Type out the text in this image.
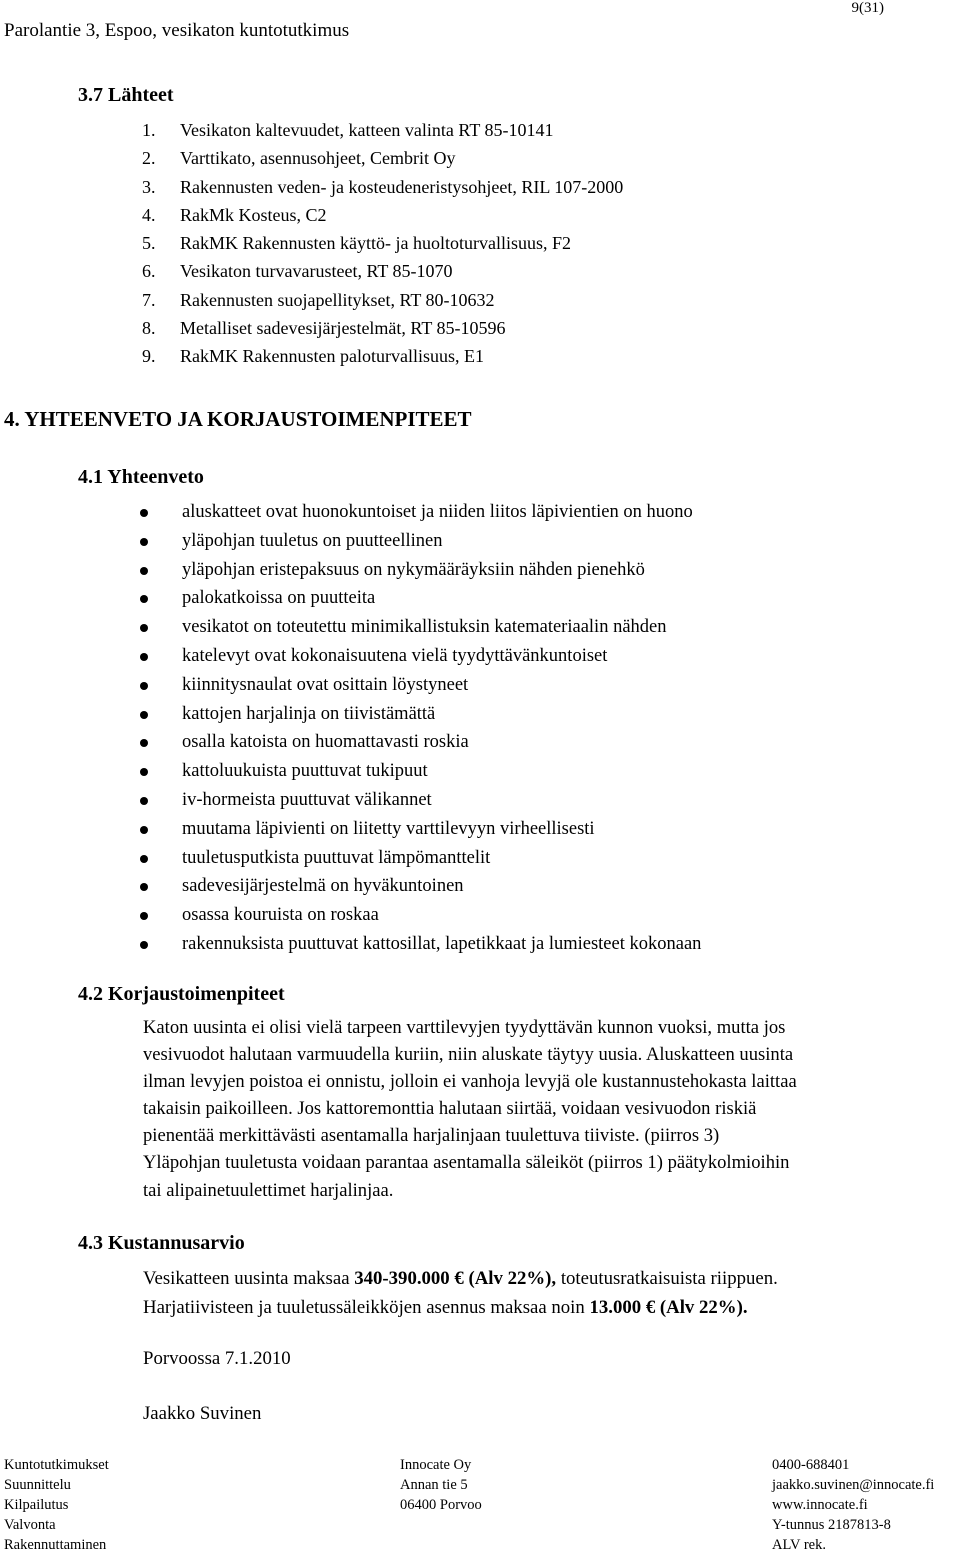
Parolantie 3, Espoo, vesikaton kuntotutkimus
9(31)
3.7 Lähteet
1. Vesikaton kaltevuudet, katteen valinta RT 85-10141
2. Varttikato, asennusohjeet, Cembrit Oy
3. Rakennusten veden- ja kosteudeneristysohjeet, RIL 107-2000
4. RakMk Kosteus, C2
5. RakMK Rakennusten käyttö- ja huoltoturvallisuus, F2
6. Vesikaton turvavarusteet, RT 85-1070
7. Rakennusten suojapellitykset, RT 80-10632
8. Metalliset sadevesijärjestelmät, RT 85-10596
9. RakMK Rakennusten paloturvallisuus, E1
4. YHTEENVETO JA KORJAUSTOIMENPITEET
4.1 Yhteenveto
aluskatteet ovat huonokuntoiset ja niiden liitos läpivientien on huono
yläpohjan tuuletus on puutteellinen
yläpohjan eristepaksuus on nykymääräyksiin nähden pienehkö
palokatkoissa on puutteita
vesikatot on toteutettu minimikallistuksin katemateriaalin nähden
katelevyt ovat kokonaisuutena vielä tyydyttävänkuntoiset
kiinnitysnaulat ovat osittain löystyneet
kattojen harjalinja on tiivistämättä
osalla katoista on huomattavasti roskia
kattoluukuista puuttuvat tukipuut
iv-hormeista puuttuvat välikannet
muutama läpivienti on liitetty varttilevyyn virheellisesti
tuuletusputkista puuttuvat lämpömanttelit
sadevesijärjestelmä on hyväkuntoinen
osassa kouruista on roskaa
rakennuksista puuttuvat kattosillat, lapetikkaat ja lumiesteet kokonaan
4.2 Korjaustoimenpiteet

Katon uusinta ei olisi vielä tarpeen varttilevyjen tyydyttävän kunnon vuoksi, mutta jos

vesivuodot halutaan varmuudella kuriin, niin aluskate täytyy uusia. Aluskatteen uusinta

ilman levyjen poistoa ei onnistu, jolloin ei vanhoja levyjä ole kustannustehokasta laittaa

takaisin paikoilleen. Jos kattoremonttia halutaan siirtää, voidaan vesivuodon riskiä

pienentää merkittävästi asentamalla harjalinjaan tuulettuva tiiviste. (piirros 3)

Yläpohjan tuuletusta voidaan parantaa asentamalla säleiköt (piirros 1) päätykolmioihin

tai alipainetuulettimet harjalinjaa.

4.3 Kustannusarvio

Vesikatteen uusinta maksaa 340-390.000 € (Alv 22%), toteutusratkaisuista riippuen.

Harjatiivisteen ja tuuletussäleikköjen asennus maksaa noin 13.000 € (Alv 22%).

Porvoossa 7.1.2010
Jaakko Suvinen
Kuntotutkimukset
Suunnittelu
Kilpailutus
Valvonta
Rakennuttaminen
Innocate Oy
Annan tie 5
06400 Porvoo
0400-688401
jaakko.suvinen@innocate.fi
www.innocate.fi
Y-tunnus 2187813-8
ALV rek.
